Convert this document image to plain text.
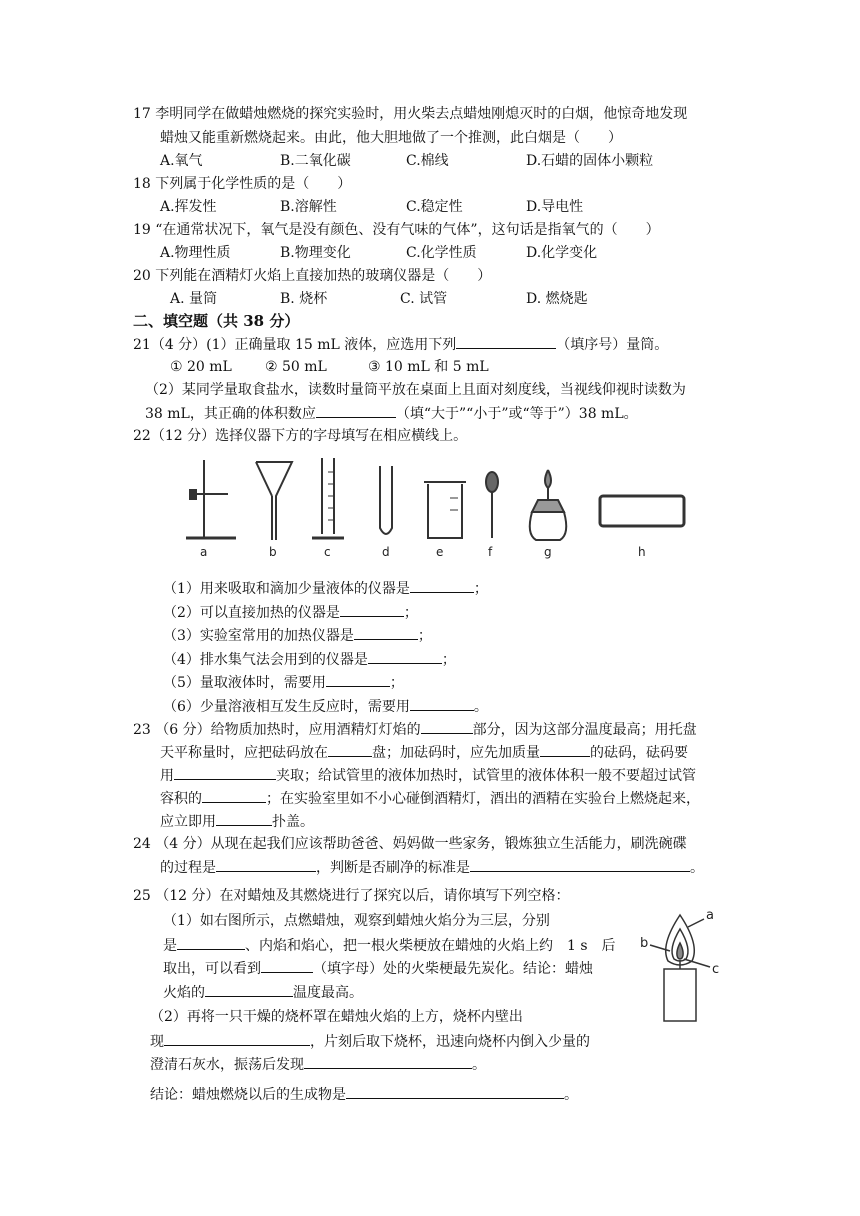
17 李明同学在做蜡烛燃烧的探究实验时，用火柴去点蜡烛刚熄灭时的白烟，他惊奇地发现
蜡烛又能重新燃烧起来。由此，他大胆地做了一个推测，此白烟是（　　）
A.氧气	B.二氧化碳	C.棉线	D.石蜡的固体小颗粒
18 下列属于化学性质的是（　　）
A.挥发性	B.溶解性	C.稳定性	D.导电性
19 “在通常状况下，氧气是没有颜色、没有气味的气体”，这句话是指氧气的（　　）
A.物理性质	B.物理变化	C.化学性质	D.化学变化
20 下列能在酒精灯火焰上直接加热的玻璃仪器是（　　）
A. 量筒	B. 烧杯	C. 试管	D. 燃烧匙
二、填空题（共 38 分）
21（4 分）(1）正确量取 15 mL 液体，应选用下列	（填序号）量筒。
① 20 mL ② 50 mL	③ 10 mL 和 5 mL
（2）某同学量取食盐水，读数时量筒平放在桌面上且面对刻度线，当视线仰视时读数为
38 mL，其正确的体积数应	（填“大于”“小于”或“等于”）38 mL。
22（12 分）选择仪器下方的字母填写在相应横线上。
a	b	c	d	e	f	g	h
（1）用来吸取和滴加少量液体的仪器是	；
（2）可以直接加热的仪器是	；
（3）实验室常用的加热仪器是	；
（4）排水集气法会用到的仪器是	；
（5）量取液体时，需要用	；
（6）少量溶液相互发生反应时，需要用	。
23 （6 分）给物质加热时，应用酒精灯灯焰的	部分，因为这部分温度最高；用托盘
天平称量时，应把砝码放在	盘；加砝码时，应先加质量	的砝码，砝码要
用	夹取；给试管里的液体加热时，试管里的液体体积一般不要超过试管
容积的	；在实验室里如不小心碰倒酒精灯，酒出的酒精在实验台上燃烧起来，
应立即用	扑盖。
24 （4 分）从现在起我们应该帮助爸爸、妈妈做一些家务，锻炼独立生活能力，刷洗碗碟
的过程是	，判断是否刷净的标准是	。
25 （12 分）在对蜡烛及其燃烧进行了探究以后，请你填写下列空格：
（1）如右图所示，点燃蜡烛，观察到蜡烛火焰分为三层，分别
是	、内焰和焰心，把一根火柴梗放在蜡烛的火焰上约　1 s　后
取出，可以看到	（填字母）处的火柴梗最先炭化。结论：蜡烛
火焰的	温度最高。
（2）再将一只干燥的烧杯罩在蜡烛火焰的上方，烧杯内壁出
现	，片刻后取下烧杯，迅速向烧杯内倒入少量的
澄清石灰水，振荡后发现	。
结论：蜡烛燃烧以后的生成物是	。
a
b
c
